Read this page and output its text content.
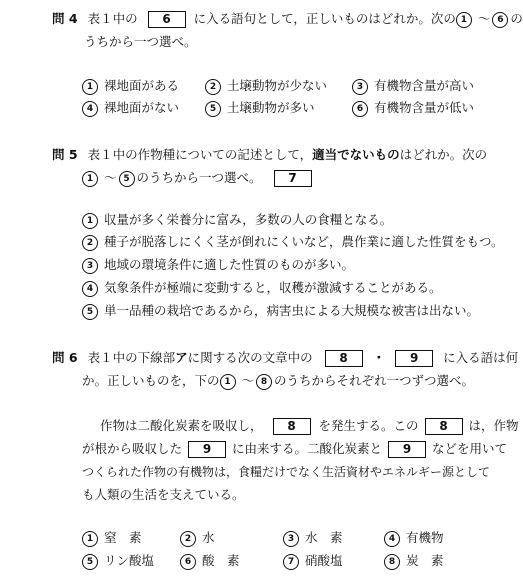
問 4 表１中の 6 に入る語句として，正しいものはどれか。次の 1 〜 6 の
うちから一つ選べ。
1 裸地面がある	2 土壌動物が少ない	3 有機物含量が高い
4 裸地面がない	5 土壌動物が多い	6 有機物含量が低い
問 5 表１中の作物種についての記述として，適当でないものはどれか。次の
1 〜 5 のうちから一つ選べ。 7
1 収量が多く栄養分に富み，多数の人の食糧となる。
2 種子が脱落しにくく茎が倒れにくいなど，農作業に適した性質をもつ。
3 地域の環境条件に適した性質のものが多い。
4 気象条件が極端に変動すると，収穫が激減することがある。
5 単一品種の栽培であるから，病害虫による大規模な被害は出ない。
問 6 表１中の下線部アに関する次の文章中の 8 ・ 9 に入る語は何
か。正しいものを，下の 1 〜 8 のうちからそれぞれ一つずつ選べ。
作物は二酸化炭素を吸収し， 8 を発生する。この 8 は，作物
が根から吸収した 9 に由来する。二酸化炭素と 9 などを用いて
つくられた作物の有機物は，食糧だけでなく生活資材やエネルギー源として
も人類の生活を支えている。
1 窒　素	2 水	3 水　素	4 有機物
5 リン酸塩	6 酸　素	7 硝酸塩	8 炭　素
